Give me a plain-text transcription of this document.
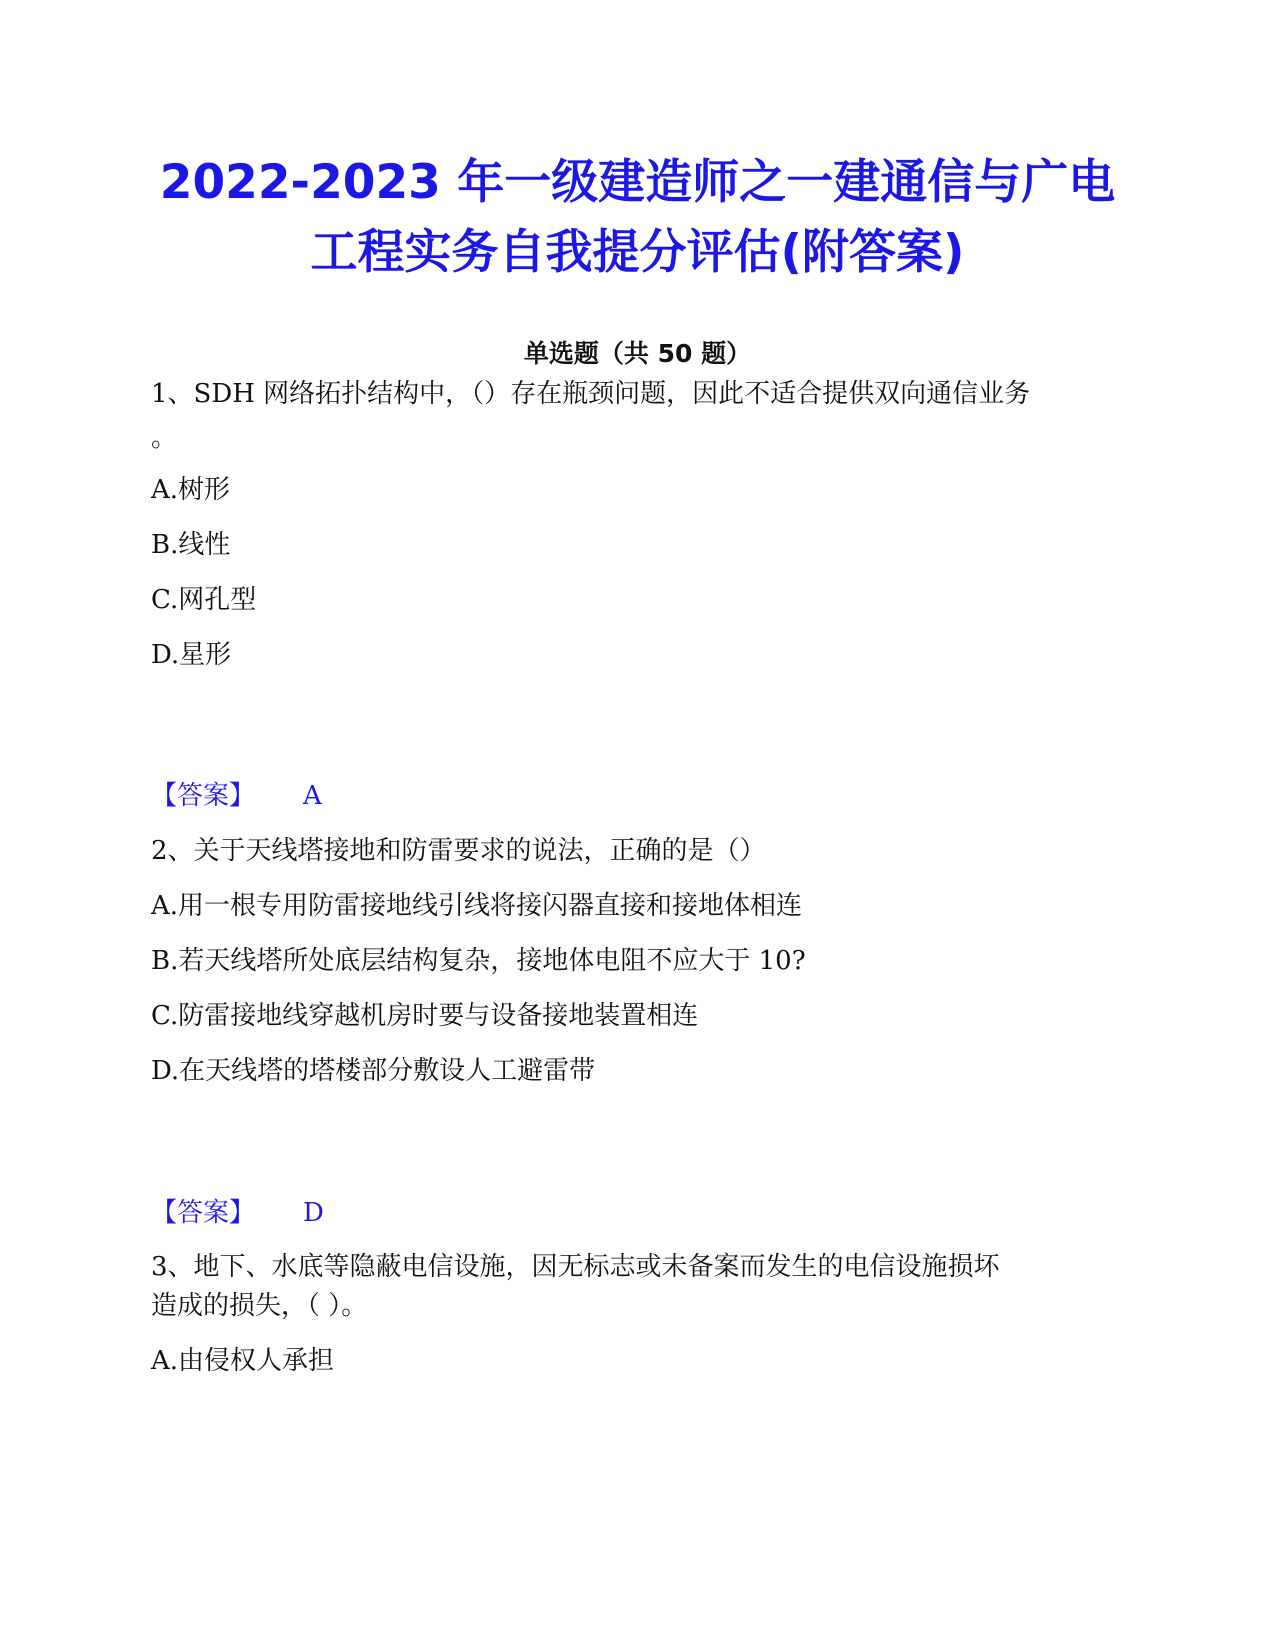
2022-2023 年一级建造师之一建通信与广电
工程实务自我提分评估(附答案)
单选题（共 50 题）
1、SDH 网络拓扑结构中，（）存在瓶颈问题，因此不适合提供双向通信业务
。
A.树形
B.线性
C.网孔型
D.星形
【答案】 A
2、关于天线塔接地和防雷要求的说法，正确的是（）
A.用一根专用防雷接地线引线将接闪器直接和接地体相连
B.若天线塔所处底层结构复杂，接地体电阻不应大于 10?
C.防雷接地线穿越机房时要与设备接地装置相连
D.在天线塔的塔楼部分敷设人工避雷带
【答案】 D
3、地下、水底等隐蔽电信设施，因无标志或未备案而发生的电信设施损坏
造成的损失，（ ）。
A.由侵权人承担
